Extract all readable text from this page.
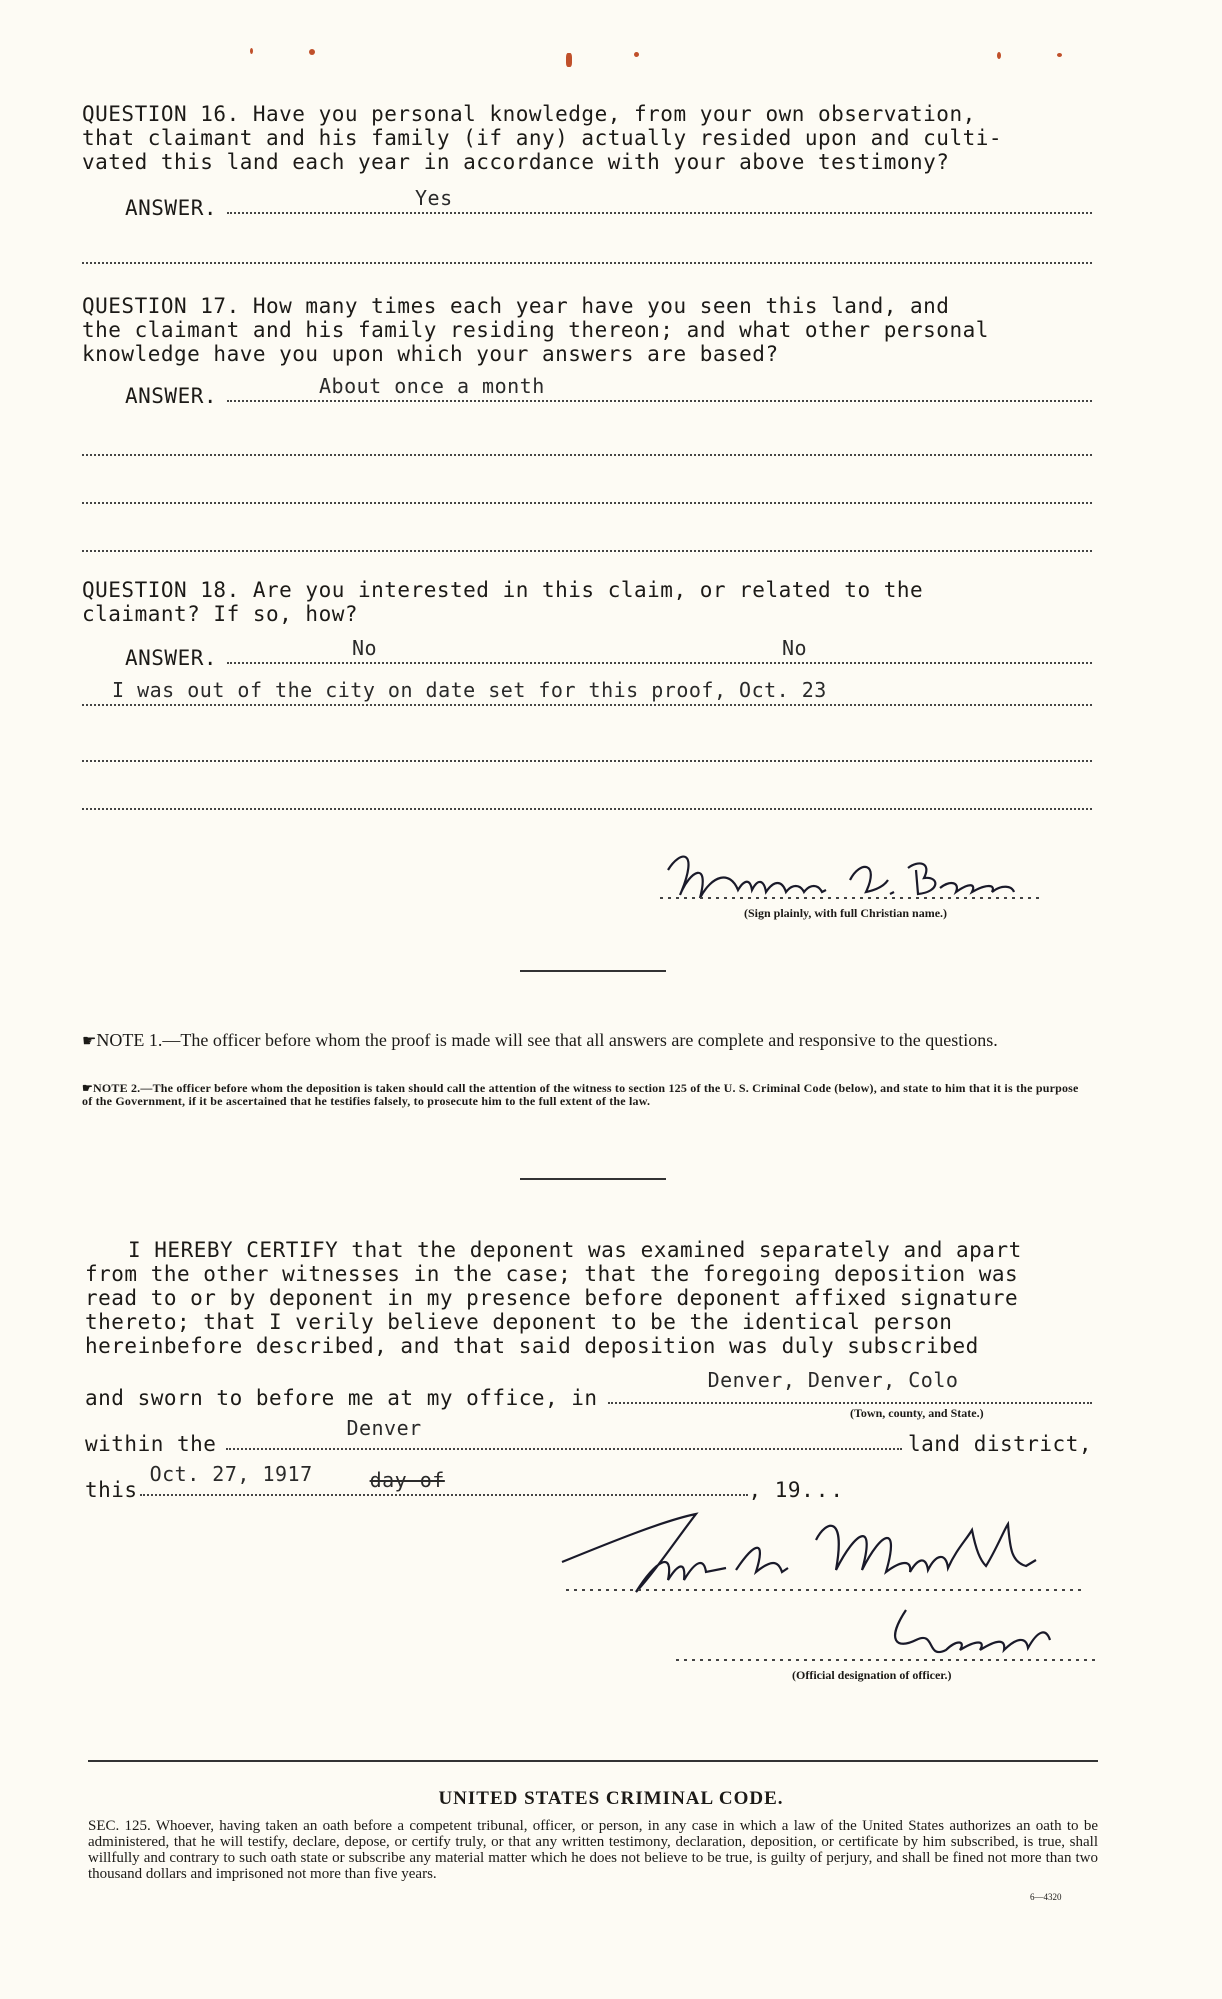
QUESTION 16. Have you personal knowledge, from your own observation,
that claimant and his family (if any) actually resided upon and culti-
vated this land each year in accordance with your above testimony?
ANSWER.	Yes
QUESTION 17. How many times each year have you seen this land, and
the claimant and his family residing thereon; and what other personal
knowledge have you upon which your answers are based?
ANSWER.	About once a month
QUESTION 18. Are you interested in this claim, or related to the
claimant? If so, how?
ANSWER.	No	No
I was out of the city on date set for this proof, Oct. 23
(Sign plainly, with full Christian name.)
☛NOTE 1.—The officer before whom the proof is made will see that all answers are complete and responsive to the questions.
☛NOTE 2.—The officer before whom the deposition is taken should call the attention of the witness to section 125 of the U. S. Criminal Code (below), and state to him that it is the purpose of the Government, if it be ascertained that he testifies falsely, to prosecute him to the full extent of the law.
I HEREBY CERTIFY that the deponent was examined separately and apart
from the other witnesses in the case; that the foregoing deposition was
read to or by deponent in my presence before deponent affixed signature
thereto; that I verily believe deponent to be the identical person
hereinbefore described, and that said deposition was duly subscribed
and sworn to before me at my office, in
Denver, Denver, Colo
(Town, county, and State.)
within the
Denver
land district,
this
Oct. 27, 1917	day of	, 19 ...
(Official designation of officer.)
UNITED STATES CRIMINAL CODE.
SEC. 125. Whoever, having taken an oath before a competent tribunal, officer, or person, in any case in which a law of the United States authorizes an oath to be administered, that he will testify, declare, depose, or certify truly, or that any written testimony, declaration, deposition, or certificate by him subscribed, is true, shall willfully and contrary to such oath state or subscribe any material matter which he does not believe to be true, is guilty of perjury, and shall be fined not more than two thousand dollars and imprisoned not more than five years.
6—4320
